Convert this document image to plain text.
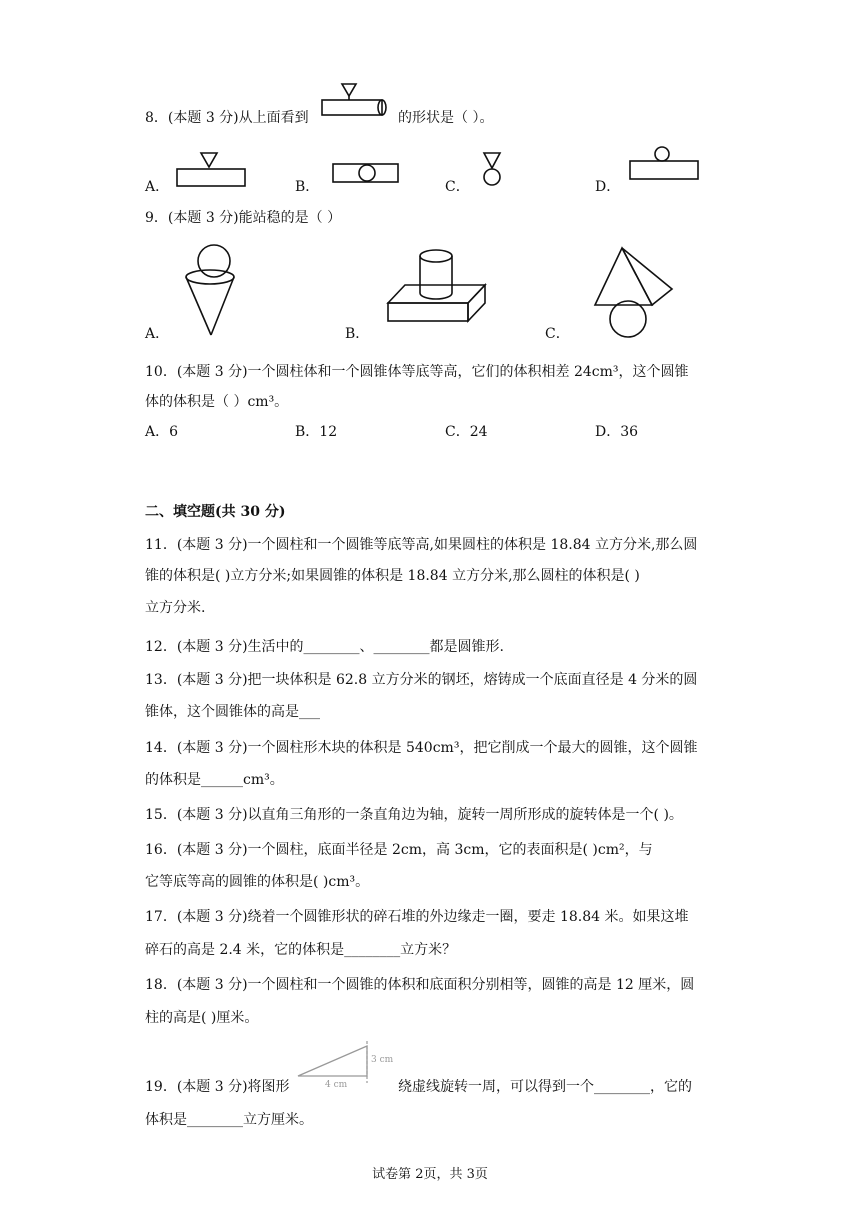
8．(本题 3 分)从上面看到	的形状是（ ）。
A．	B．	C．	D．
9．(本题 3 分)能站稳的是（ ）
A．	B．	C．
10．(本题 3 分)一个圆柱体和一个圆锥体等底等高，它们的体积相差 24cm³，这个圆锥
体的体积是（ ）cm³。
A．6	B．12	C．24	D．36
二、填空题(共 30 分)
11．(本题 3 分)一个圆柱和一个圆锥等底等高,如果圆柱的体积是 18.84 立方分米,那么圆
锥的体积是( )立方分米;如果圆锥的体积是 18.84 立方分米,那么圆柱的体积是( )
立方分米.
12．(本题 3 分)生活中的________、________都是圆锥形.
13．(本题 3 分)把一块体积是 62.8 立方分米的钢坯，熔铸成一个底面直径是 4 分米的圆
锥体，这个圆锥体的高是___
14．(本题 3 分)一个圆柱形木块的体积是 540cm³，把它削成一个最大的圆锥，这个圆锥
的体积是______cm³。
15．(本题 3 分)以直角三角形的一条直角边为轴，旋转一周所形成的旋转体是一个( )。
16．(本题 3 分)一个圆柱，底面半径是 2cm，高 3cm，它的表面积是( )cm²，与
它等底等高的圆锥的体积是( )cm³。
17．(本题 3 分)绕着一个圆锥形状的碎石堆的外边缘走一圈，要走 18.84 米。如果这堆
碎石的高是 2.4 米，它的体积是________立方米？
18．(本题 3 分)一个圆柱和一个圆锥的体积和底面积分别相等，圆锥的高是 12 厘米，圆
柱的高是( )厘米。
19．(本题 3 分)将图形
3 cm
4 cm	绕虚线旋转一周，可以得到一个________，它的
体积是________立方厘米。
试卷第 2页，共 3页
